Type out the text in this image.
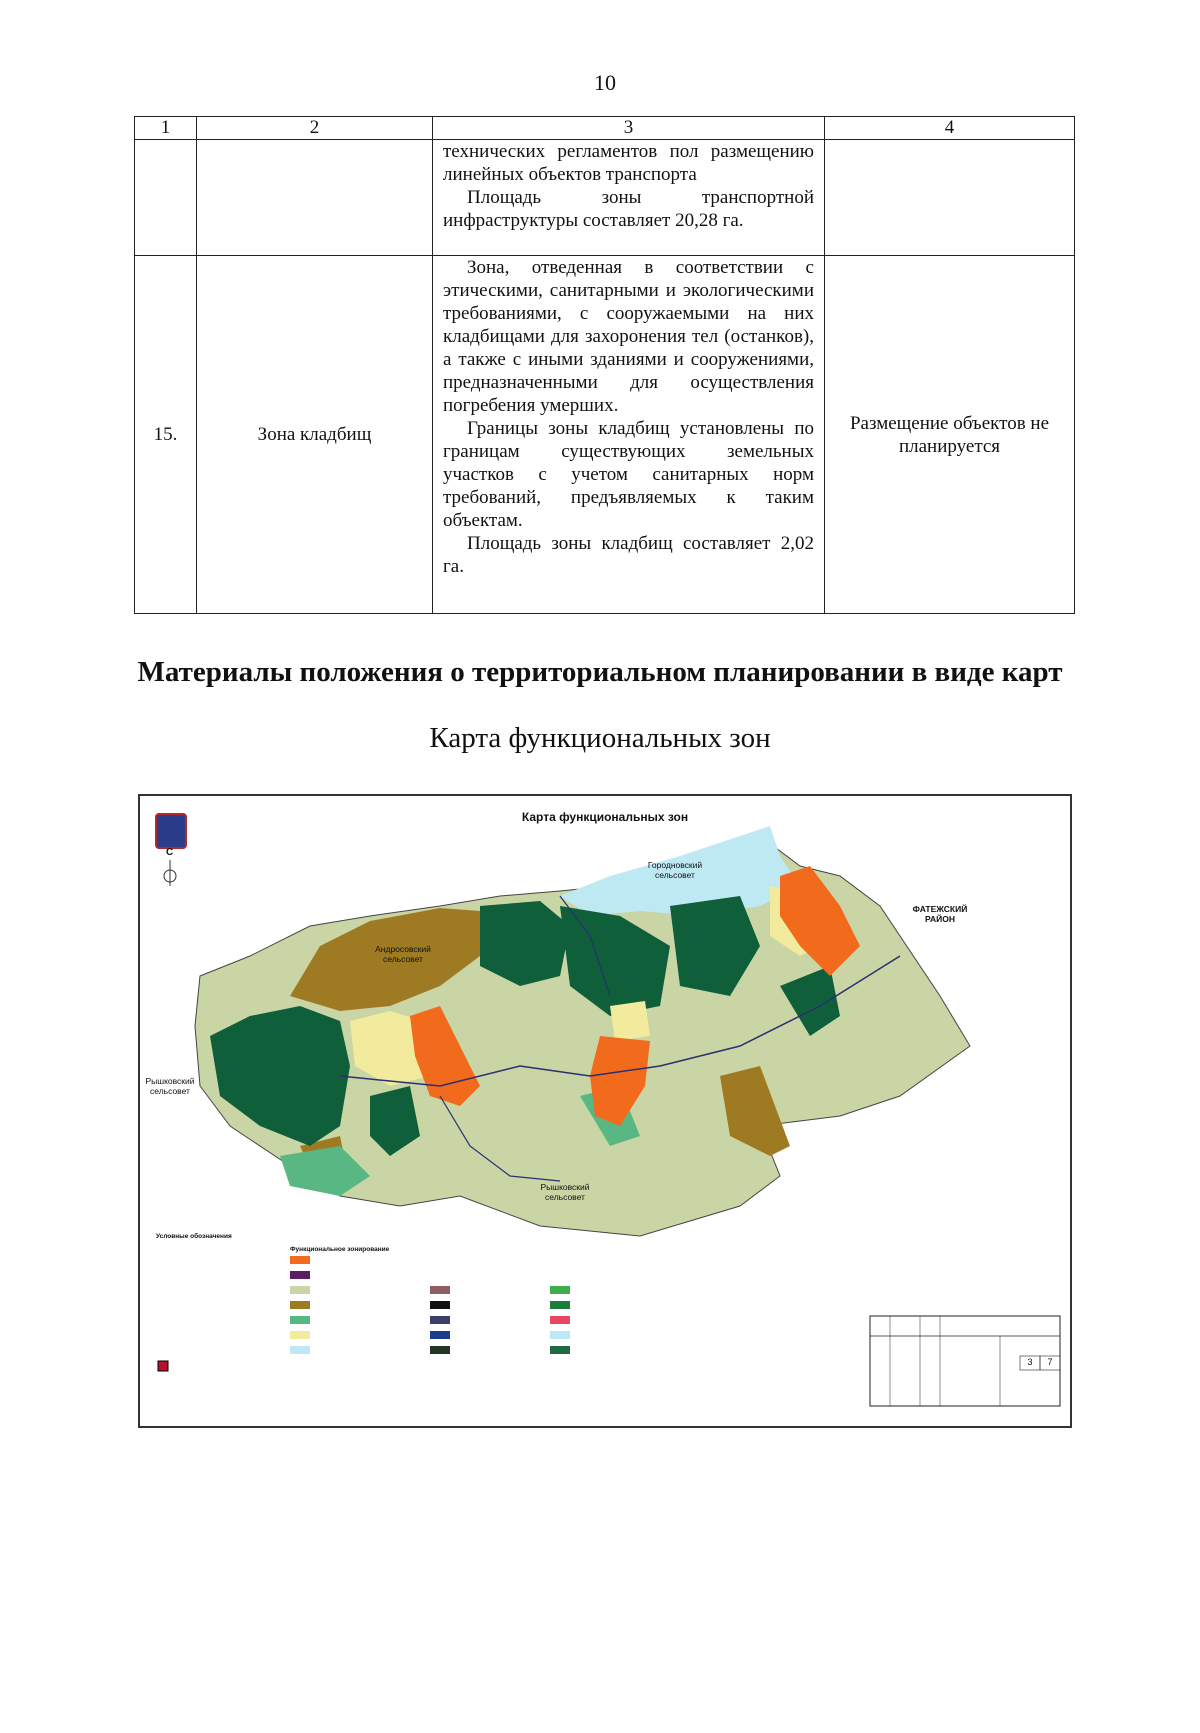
10
1	2	3	4

		технических регламентов пол размещению линейных объектов транспорта

Площадь зоны транспортной инфраструктуры составляет 20,28 га.	

15.	Зона кладбищ	Зона, отведенная в соответствии с этическими, санитарными и экологическими требованиями, с сооружаемыми на них кладбищами для захоронения тел (останков), а также с иными зданиями и сооружениями, предназначенными для осуществления погребения умерших.

Границы зоны кладбищ установлены по границам существующих земельных участков с учетом санитарных норм требований, предъявляемых к таким объектам.

Площадь зоны кладбищ составляет 2,02 га.	Размещение объектов не планируется
Материалы положения о территориальном планировании в виде карт
Карта функциональных зон
Карта функциональных зон
С
Городновский
сельсовет
ФАТЕЖСКИЙ
РАЙОН
Андросовский
сельсовет
Рышковский
сельсовет
Рышковский
сельсовет
Условные обозначения
Функциональное зонирование
3	7
